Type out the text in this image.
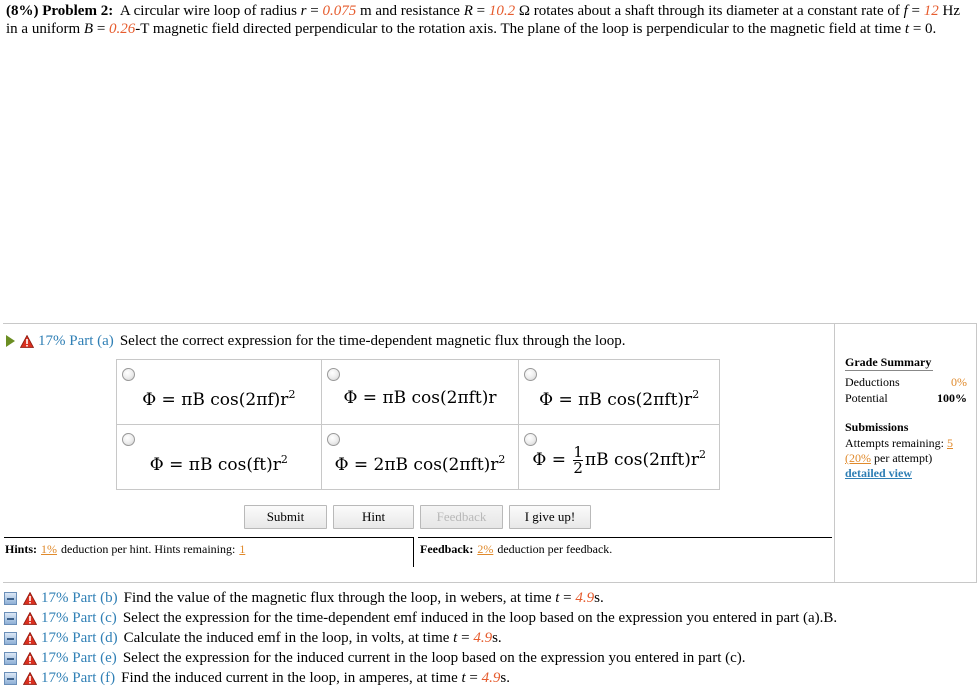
(8%) Problem 2: A circular wire loop of radius r = 0.075 m and resistance R = 10.2 Ω rotates about a shaft through its diameter at a constant rate of f = 12 Hz in a uniform B = 0.26-T magnetic field directed perpendicular to the rotation axis. The plane of the loop is perpendicular to the magnetic field at time t = 0.
17% Part (a) Select the correct expression for the time-dependent magnetic flux through the loop.
Φ = πB $\cos(2\pi f)r^2$	Φ = πB cos(2πft)r	Φ = πB $\cos(2\pi ft)r^2$

Φ = πB $\cos(ft)r^2$	Φ = 2πB $\cos(2\pi ft)r^2$	$\Phi = \frac{1}{2}$ πB $\cos(2\pi ft)r^2$
Submit	Hint	Feedback	I give up!
Hints: 1% deduction per hint. Hints remaining: 1	Feedback: 2% deduction per feedback.
Grade Summary
Deductions	0%
Potential	100%
Submissions
Attempts remaining: 5
(20% per attempt)
detailed view
17% Part (b) Find the value of the magnetic flux through the loop, in webers, at time
t = 4.9 s.
17% Part (c) Select the expression for the time-dependent emf induced in the loop based on the expression you entered in part (a).B.
17% Part (d) Calculate the induced emf in the loop, in volts, at time
t = 4.9 s.
17% Part (e) Select the expression for the induced current in the loop based on the expression you entered in part (c).
17% Part (f) Find the induced current in the loop, in amperes, at time
t = 4.9 s.
